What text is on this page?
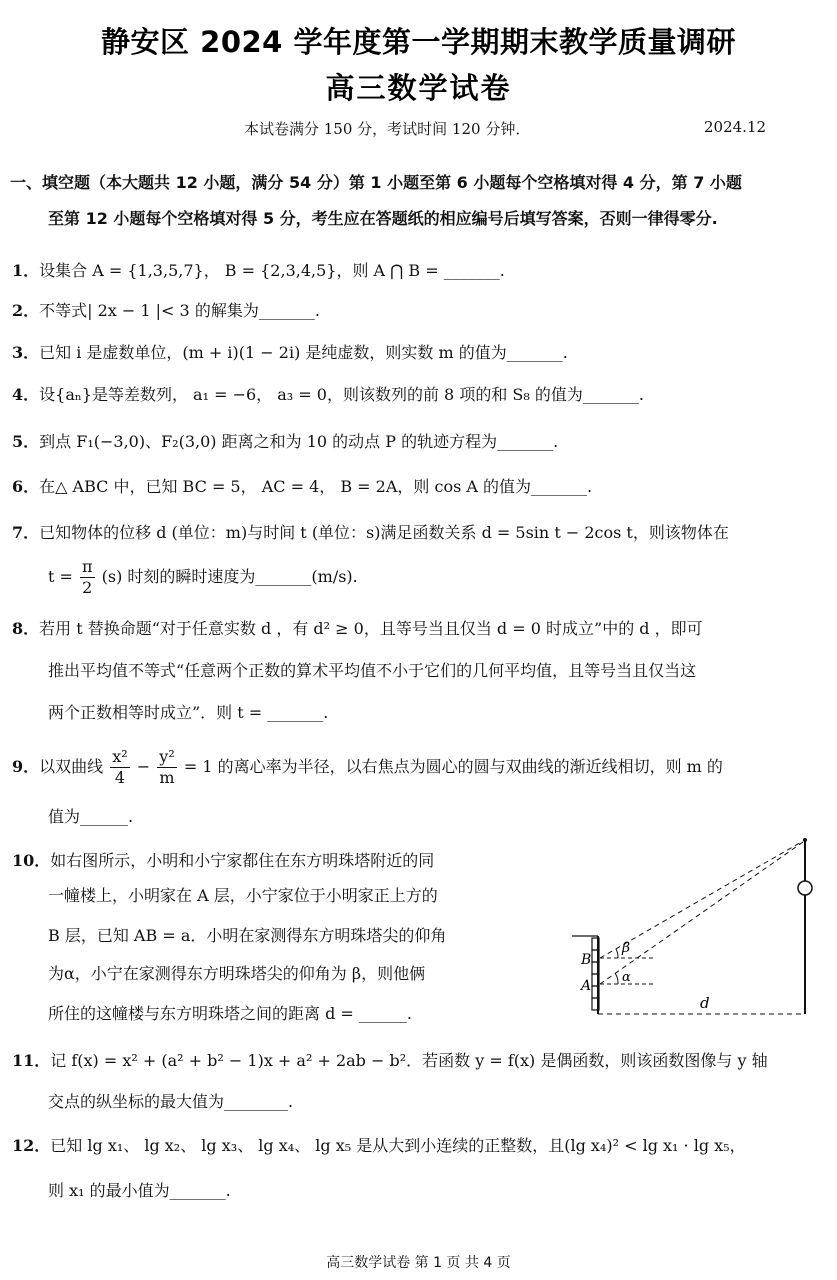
静安区 2024 学年度第一学期期末教学质量调研
高三数学试卷
本试卷满分 150 分，考试时间 120 分钟．	2024.12
一、填空题（本大题共 12 小题，满分 54 分）第 1 小题至第 6 小题每个空格填对得 4 分，第 7 小题
至第 12 小题每个空格填对得 5 分，考生应在答题纸的相应编号后填写答案，否则一律得零分.
1．设集合 A = {1,3,5,7}， B = {2,3,4,5}，则 A ⋂ B = _______.
2．不等式| 2x − 1 |< 3 的解集为_______.
3．已知 i 是虚数单位，(m + i)(1 − 2i) 是纯虚数，则实数 m 的值为_______.
4．设{aₙ}是等差数列， a₁ = −6， a₃ = 0，则该数列的前 8 项的和 S₈ 的值为_______.
5．到点 F₁(−3,0)、F₂(3,0) 距离之和为 10 的动点 P 的轨迹方程为_______.
6．在△ ABC 中，已知 BC = 5， AC = 4， B = 2A，则 cos A 的值为_______.
7．已知物体的位移 d (单位：m)与时间 t (单位：s)满足函数关系 d = 5sin t − 2cos t，则该物体在
$t = \frac{\pi}{2} (s)$ 时刻的瞬时速度为_______(m/s).
8．若用 t 替换命题“对于任意实数 d ，有 d² ≥ 0，且等号当且仅当 d = 0 时成立”中的 d ，即可
推出平均值不等式“任意两个正数的算术平均值不小于它们的几何平均值，且等号当且仅当这
两个正数相等时成立”．则 t = _______.
9．以双曲线 $\frac{\text{x²}}{4} - \frac{\text{y²}}{m} = 1$ 的离心率为半径，以右焦点为圆心的圆与双曲线的渐近线相切，则 m 的
值为______.
10．如右图所示，小明和小宁家都住在东方明珠塔附近的同
一幢楼上，小明家在 A 层，小宁家位于小明家正上方的
B 层，已知 AB = a．小明在家测得东方明珠塔尖的仰角
为α，小宁在家测得东方明珠塔尖的仰角为 β，则他俩
所住的这幢楼与东方明珠塔之间的距离 d = ______.
B
A
β
α
d
11．记 f(x) = x² + (a² + b² − 1)x + a² + 2ab − b²．若函数 y = f(x) 是偶函数，则该函数图像与 y 轴
交点的纵坐标的最大值为________.
12．已知 lg x₁、 lg x₂、 lg x₃、 lg x₄、 lg x₅ 是从大到小连续的正整数，且(lg x₄)² < lg x₁ · lg x₅，
则 x₁ 的最小值为_______.
高三数学试卷 第 1 页 共 4 页
